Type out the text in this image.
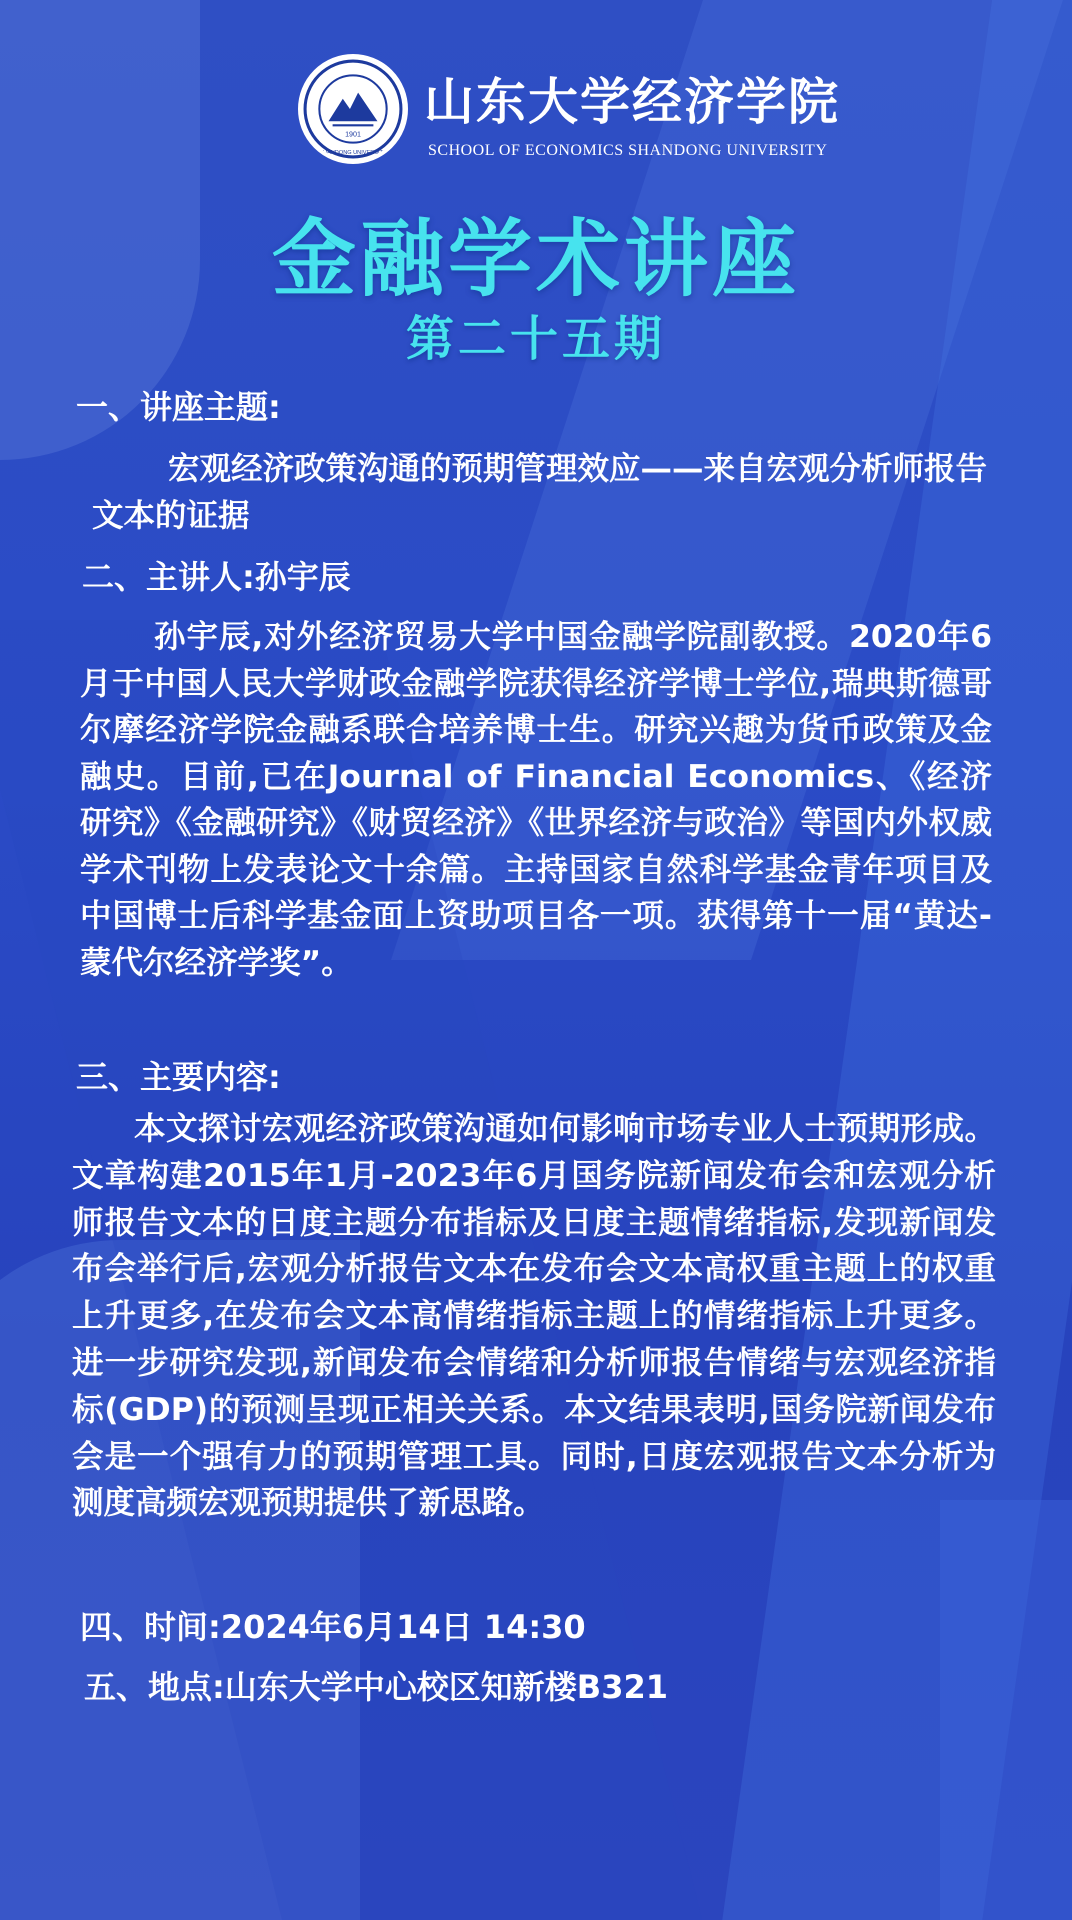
1901
SHANDONG UNIVERSITY
山东大学经济学院
SCHOOL OF ECONOMICS SHANDONG UNIVERSITY
金融学术讲座
第二十五期
一、讲座主题:
宏观经济政策沟通的预期管理效应——来自宏观分析师报告文本的证据
二、主讲人:孙宇辰
孙宇辰,对外经济贸易大学中国金融学院副教授。2020年6月于中国人民大学财政金融学院获得经济学博士学位,瑞典斯德哥尔摩经济学院金融系联合培养博士生。研究兴趣为货币政策及金融史。目前,已在Journal of Financial Economics、《经济研究》《金融研究》《财贸经济》《世界经济与政治》等国内外权威学术刊物上发表论文十余篇。主持国家自然科学基金青年项目及中国博士后科学基金面上资助项目各一项。获得第十一届“黄达-蒙代尔经济学奖”。
三、主要内容:
本文探讨宏观经济政策沟通如何影响市场专业人士预期形成。文章构建2015年1月-2023年6月国务院新闻发布会和宏观分析师报告文本的日度主题分布指标及日度主题情绪指标,发现新闻发布会举行后,宏观分析报告文本在发布会文本高权重主题上的权重上升更多,在发布会文本高情绪指标主题上的情绪指标上升更多。进一步研究发现,新闻发布会情绪和分析师报告情绪与宏观经济指标(GDP)的预测呈现正相关关系。本文结果表明,国务院新闻发布会是一个强有力的预期管理工具。同时,日度宏观报告文本分析为测度高频宏观预期提供了新思路。
四、时间:2024年6月14日 14:30
五、地点:山东大学中心校区知新楼B321
